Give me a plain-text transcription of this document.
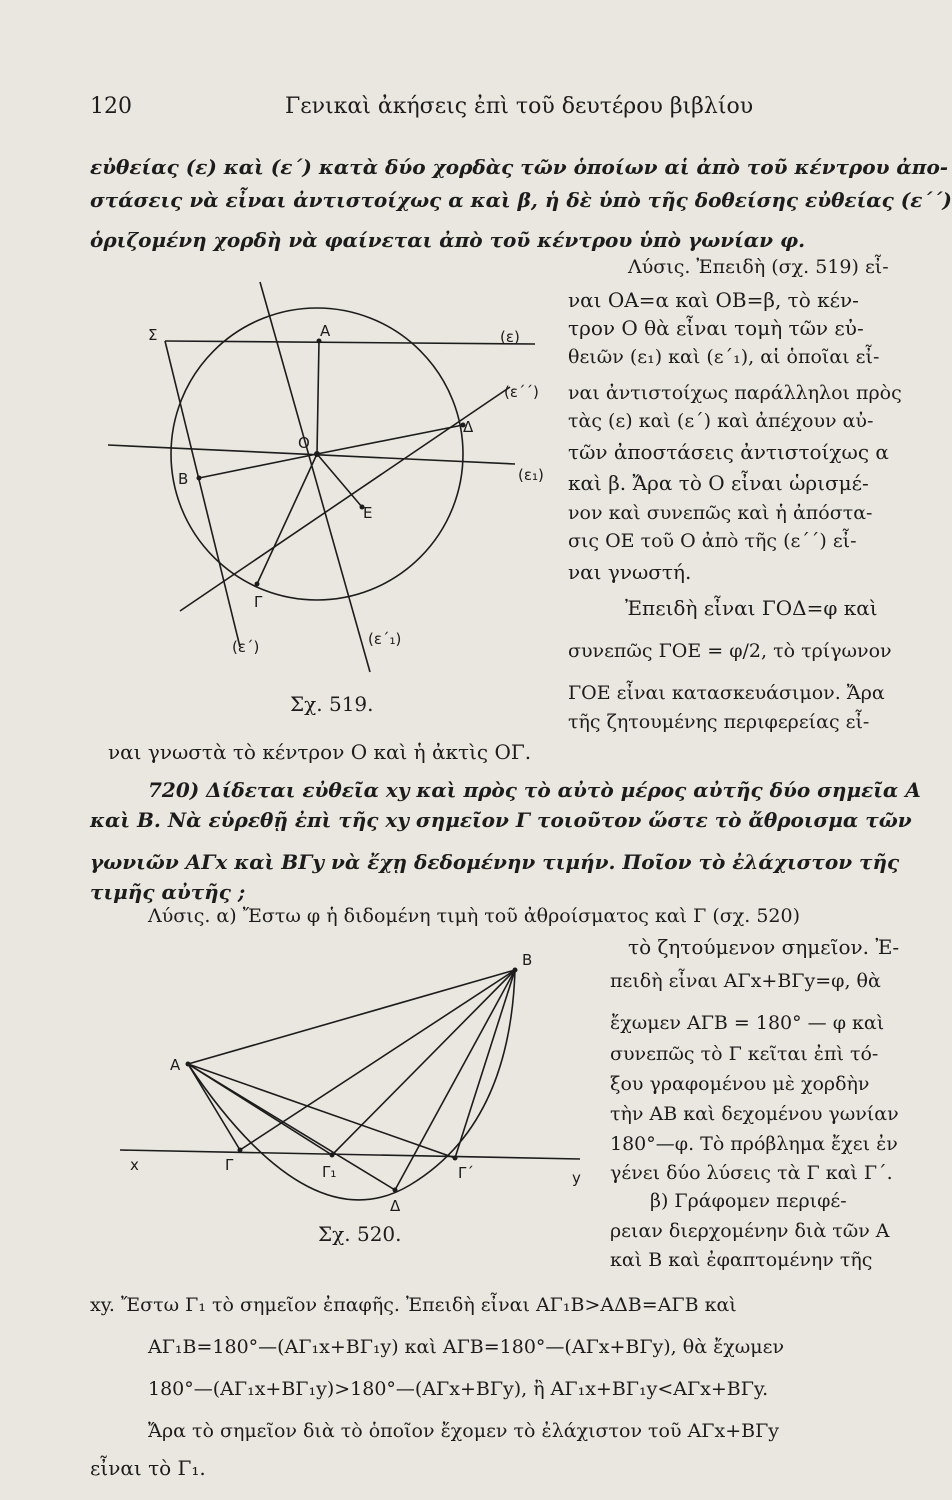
120	Γενικαὶ ἀκήσεις ἐπὶ τοῦ δευτέρου βιβλίου
εὐθείας (ε) καὶ (ε΄) κατὰ δύο χορδὰς τῶν ὁποίων αἱ ἀπὸ τοῦ κέντρου ἀπο-
στάσεις νὰ εἶναι ἀντιστοίχως α καὶ β, ἡ δὲ ὑπὸ τῆς δοθείσης εὐθείας (ε΄΄)
ὁριζομένη χορδὴ νὰ φαίνεται ἀπὸ τοῦ κέντρου ὑπὸ γωνίαν φ.
Σ	Α	(ε)
(ε΄΄)
Δ
Ο
Β	(ε₁)
Ε
Γ
(ε΄)	(ε΄₁)
Σχ. 519.
Λύσις. Ἐπειδὴ (σχ. 519) εἶ-
ναι ΟΑ=α καὶ ΟΒ=β, τὸ κέν-
τρον Ο θὰ εἶναι τομὴ τῶν εὐ-
θειῶν (ε₁) καὶ (ε΄₁), αἱ ὁποῖαι εἶ-
ναι ἀντιστοίχως παράλληλοι πρὸς
τὰς (ε) καὶ (ε΄) καὶ ἀπέχουν αὐ-
τῶν ἀποστάσεις ἀντιστοίχως α
καὶ β. Ἄρα τὸ Ο εἶναι ὡρισμέ-
νον καὶ συνεπῶς καὶ ἡ ἀπόστα-
σις ΟΕ τοῦ Ο ἀπὸ τῆς (ε΄΄) εἶ-
ναι γνωστή.
Ἐπειδὴ εἶναι ΓΟΔ=φ καὶ
συνεπῶς ΓΟΕ = φ/2, τὸ τρίγωνον
ΓΟΕ εἶναι κατασκευάσιμον. Ἄρα
τῆς ζητουμένης περιφερείας εἶ-
ναι γνωστὰ τὸ κέντρον Ο καὶ ἡ ἀκτὶς ΟΓ.
720) Δίδεται εὐθεῖα xy καὶ πρὸς τὸ αὐτὸ μέρος αὐτῆς δύο σημεῖα Α
καὶ Β. Νὰ εὑρεθῇ ἐπὶ τῆς xy σημεῖον Γ τοιοῦτον ὥστε τὸ ἄθροισμα τῶν
γωνιῶν ΑΓx καὶ ΒΓy νὰ ἔχῃ δεδομένην τιμήν. Ποῖον τὸ ἐλάχιστον τῆς
τιμῆς αὐτῆς ;
Λύσις. α) Ἔστω φ ἡ διδομένη τιμὴ τοῦ ἀθροίσματος καὶ Γ (σχ. 520)
Β
Α
x	Γ	Γ₁	Γ΄	y
Δ
Σχ. 520.
τὸ ζητούμενον σημεῖον. Ἐ-
πειδὴ εἶναι ΑΓx+ΒΓy=φ, θὰ
ἔχωμεν ΑΓΒ = 180° — φ καὶ
συνεπῶς τὸ Γ κεῖται ἐπὶ τό-
ξου γραφομένου μὲ χορδὴν
τὴν ΑΒ καὶ δεχομένου γωνίαν
180°—φ. Τὸ πρόβλημα ἔχει ἐν
γένει δύο λύσεις τὰ Γ καὶ Γ΄.
β) Γράφομεν περιφέ-
ρειαν διερχομένην διὰ τῶν Α
καὶ Β καὶ ἐφαπτομένην τῆς
xy. Ἔστω Γ₁ τὸ σημεῖον ἐπαφῆς. Ἐπειδὴ εἶναι ΑΓ₁Β>ΑΔΒ=ΑΓΒ καὶ
ΑΓ₁Β=180°—(ΑΓ₁x+ΒΓ₁y) καὶ ΑΓΒ=180°—(ΑΓx+ΒΓy), θὰ ἔχωμεν
180°—(ΑΓ₁x+ΒΓ₁y)>180°—(ΑΓx+ΒΓy), ἢ ΑΓ₁x+ΒΓ₁y<ΑΓx+ΒΓy.
Ἄρα τὸ σημεῖον διὰ τὸ ὁποῖον ἔχομεν τὸ ἐλάχιστον τοῦ ΑΓx+ΒΓy
εἶναι τὸ Γ₁.
